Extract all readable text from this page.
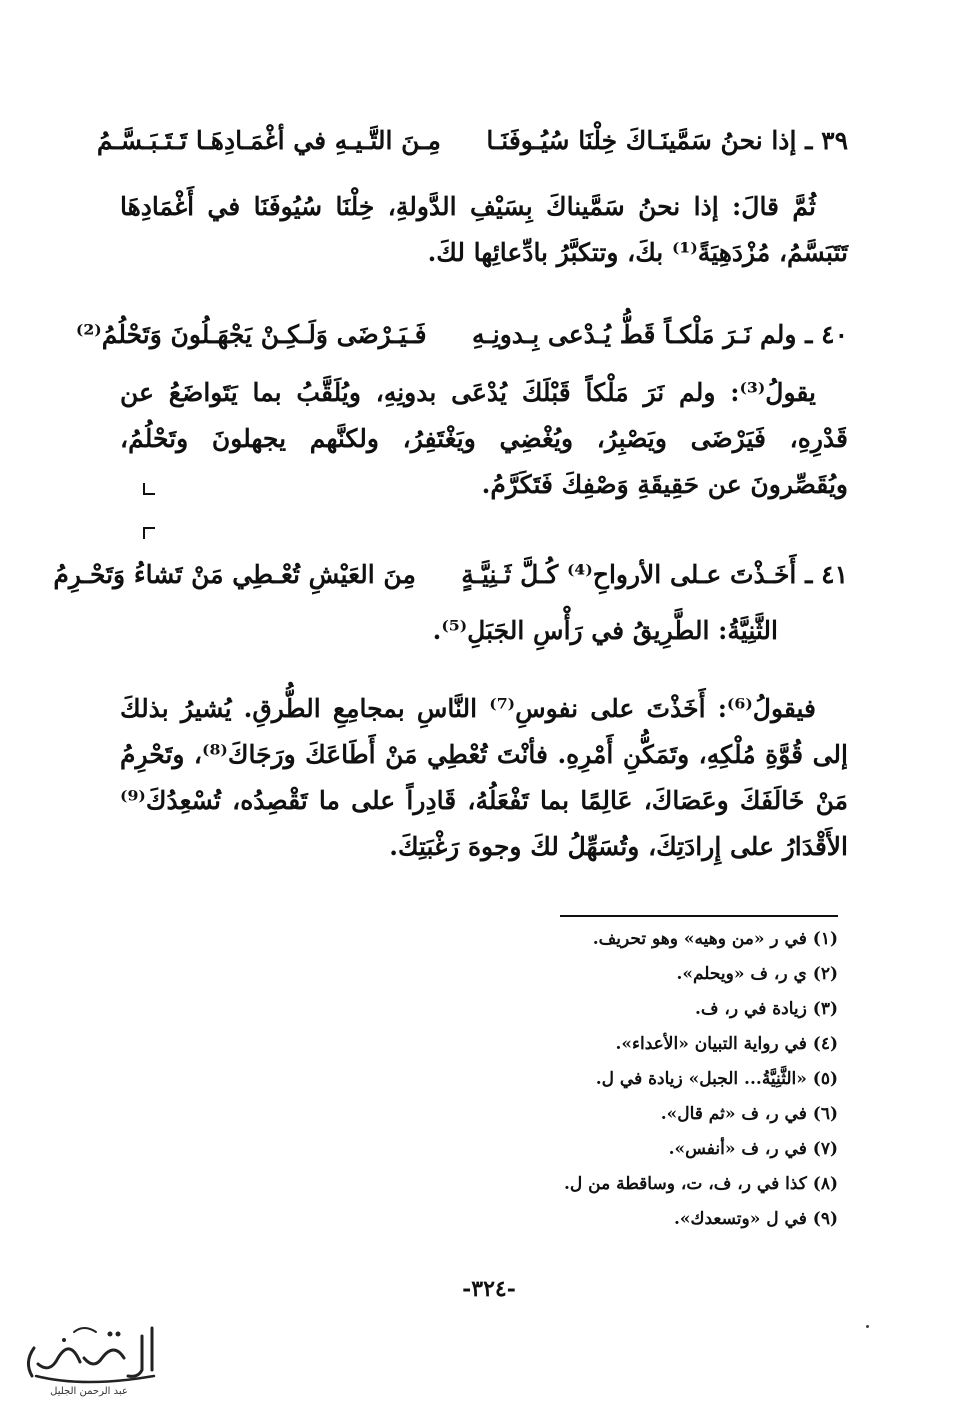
٣٩ ـ إذا نحنُ سَمَّينَـاكَ خِلْنَا سُيُـوفَنَـا  مِـنَ التَّـيـهِ في أغْمَـادِهَـا تَـتَـبَـسَّـمُ
ثُمَّ قالَ: إذا نحنُ سَمَّيناكَ بِسَيْفِ الدَّولةِ، خِلْنَا سُيُوفَنَا في أَغْمَادِهَا تَتَبَسَّمُ، مُزْدَهِيَةً⁽¹⁾ بكَ، وتتكبَّرُ بادِّعائِها لكَ.
٤٠ ـ ولم نَـرَ مَلْكـاً قَطُّ يُـدْعى بِـدونِـهِ  فَـيَـرْضَى وَلَـكِـنْ يَجْهَـلُونَ وَتَحْلُمُ⁽²⁾
يقولُ⁽³⁾: ولم نَرَ مَلْكاً قَبْلَكَ يُدْعَى بدونِهِ، ويُلَقَّبُ بما يَتَواضَعُ عن قَدْرِهِ، فَيَرْضَى ويَصْبِرُ، ويُغْضِي ويَغْتَفِرُ، ولكنَّهم يجهلونَ وتَحْلُمُ، ويُقَصِّرونَ عن حَقِيقَةِ وَصْفِكَ فَتَكَرَّمُ.
٤١ ـ أَخَـذْتَ عـلى الأرواحِ⁽⁴⁾ كُـلَّ ثَـنِيَّـةٍ  مِنَ العَيْشِ تُعْـطِي مَنْ تَشاءُ وَتَحْـرِمُ
الثَّنِيَّةُ: الطَّرِيقُ في رَأْسِ الجَبَلِ⁽⁵⁾.
فيقولُ⁽⁶⁾: أَخَذْتَ على نفوسِ⁽⁷⁾ النَّاسِ بمجامِعِ الطُّرقِ. يُشيرُ بذلكَ إلى قُوَّةِ مُلْكِهِ، وتَمَكُّنِ أَمْرِهِ. فأنْتَ تُعْطِي مَنْ أَطَاعَكَ ورَجَاكَ⁽⁸⁾، وتَحْرِمُ مَنْ خَالَفَكَ وعَصَاكَ، عَالِمًا بما تَفْعَلُهُ، قَادِراً على ما تَقْصِدُه، تُسْعِدُكَ⁽⁹⁾ الأَقْدَارُ على إِرادَتِكَ، وتُسَهِّلُ لكَ وجوهَ رَغْبَتِكَ.
(١) في ر «من وهيه» وهو تحريف.
(٢) ي ر، ف «ويحلم».
(٣) زيادة في ر، ف.
(٤) في رواية التبيان «الأعداء».
(٥) «الثَّنِيَّةُ... الجبل» زيادة في ل.
(٦) في ر، ف «ثم قال».
(٧) في ر، ف «أنفس».
(٨) كذا في ر، ف، ت، وساقطة من ل.
(٩) في ل «وتسعدك».
-٣٢٤-
عبد الرحمن الجليل
